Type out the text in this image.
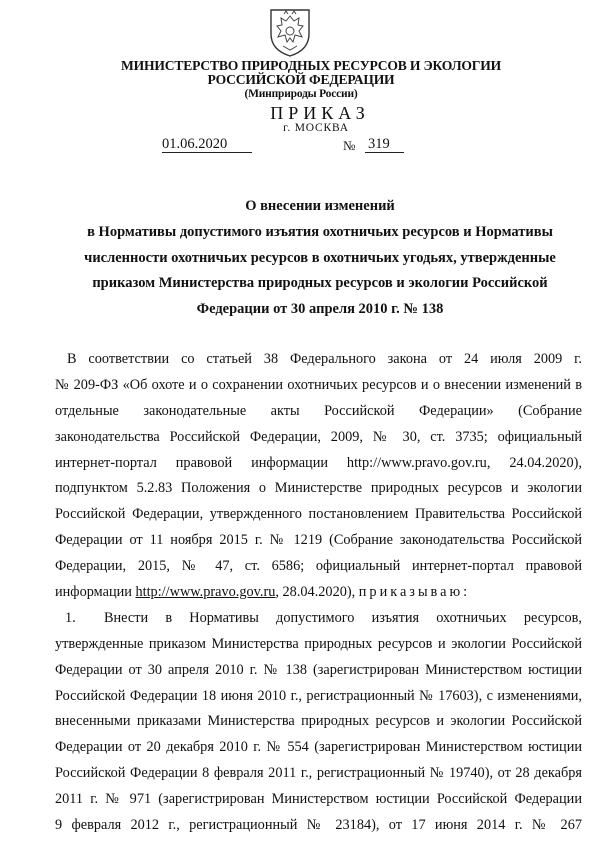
МИНИСТЕРСТВО ПРИРОДНЫХ РЕСУРСОВ И ЭКОЛОГИИ
РОССИЙСКОЙ ФЕДЕРАЦИИ
(Минприроды России)
ПРИКАЗ
г. МОСКВА
01.06.2020	№ 319
О внесении изменений
в Нормативы допустимого изъятия охотничьих ресурсов и Нормативы
численности охотничьих ресурсов в охотничьих угодьях, утвержденные
приказом Министерства природных ресурсов и экологии Российской
Федерации от 30 апреля 2010 г. № 138
В соответствии со статьей 38 Федерального закона от 24 июля 2009 г.
№ 209-ФЗ «Об охоте и о сохранении охотничьих ресурсов и о внесении изменений в
отдельные законодательные акты Российской Федерации» (Собрание
законодательства Российской Федерации, 2009, № 30, ст. 3735; официальный
интернет-портал правовой информации http://www.pravo.gov.ru, 24.04.2020),
подпунктом 5.2.83 Положения о Министерстве природных ресурсов и экологии
Российской Федерации, утвержденного постановлением Правительства Российской
Федерации от 11 ноября 2015 г. № 1219 (Собрание законодательства Российской
Федерации, 2015, № 47, ст. 6586; официальный интернет-портал правовой
информации http://www.pravo.gov.ru, 28.04.2020), приказываю:
1. Внести в Нормативы допустимого изъятия охотничьих ресурсов,
утвержденные приказом Министерства природных ресурсов и экологии Российской
Федерации от 30 апреля 2010 г. № 138 (зарегистрирован Министерством юстиции
Российской Федерации 18 июня 2010 г., регистрационный № 17603), с изменениями,
внесенными приказами Министерства природных ресурсов и экологии Российской
Федерации от 20 декабря 2010 г. № 554 (зарегистрирован Министерством юстиции
Российской Федерации 8 февраля 2011 г., регистрационный № 19740), от 28 декабря
2011 г. № 971 (зарегистрирован Министерством юстиции Российской Федерации
9 февраля 2012 г., регистрационный № 23184), от 17 июня 2014 г. № 267
